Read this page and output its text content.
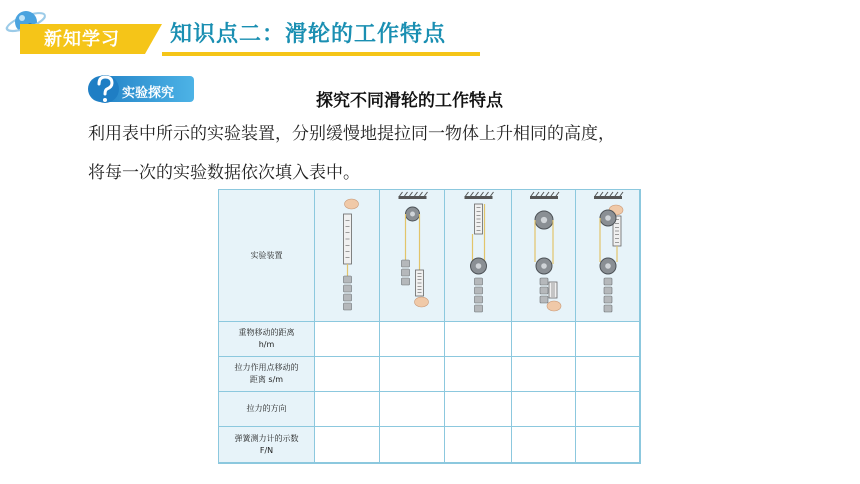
新知学习 知识点二：滑轮的工作特点
实验探究	探究不同滑轮的工作特点
利用表中所示的实验装置，分别缓慢地提拉同一物体上升相同的高度，
将每一次的实验数据依次填入表中。
实验装置
重物移动的距离
h/m
拉力作用点移动的
距离 s/m
拉力的方向
弹簧测力计的示数
F/N
